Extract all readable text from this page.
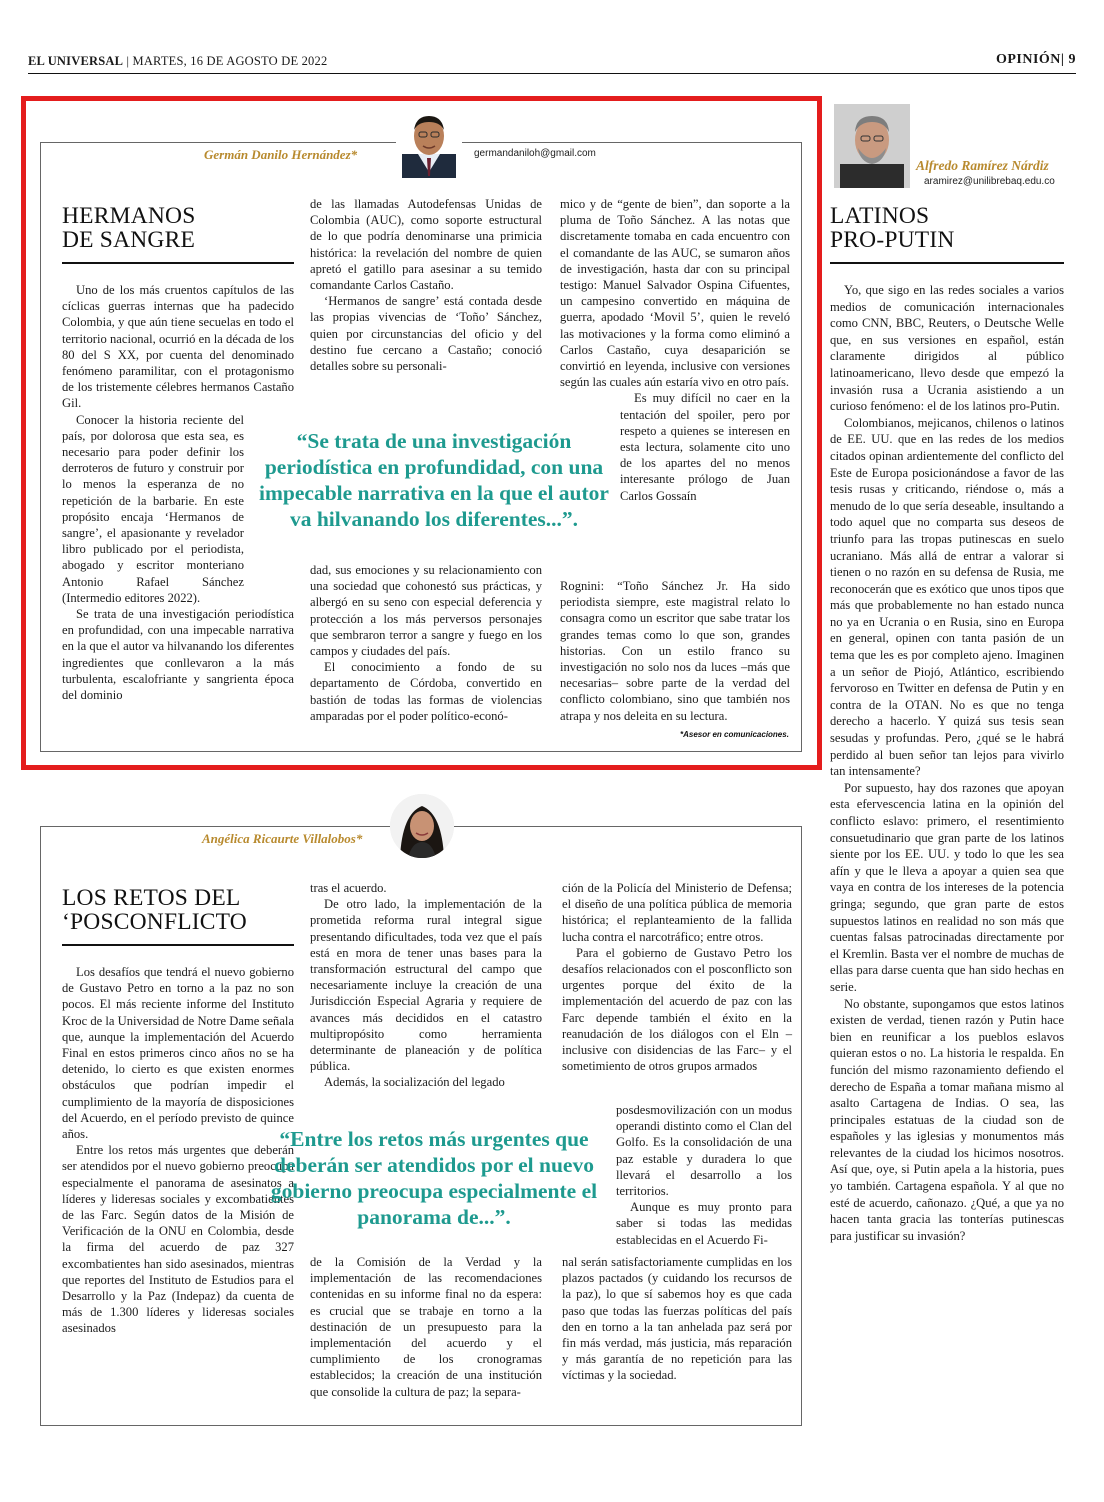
EL UNIVERSAL | MARTES, 16 DE AGOSTO DE 2022	OPINIÓN| 9
Germán Danilo Hernández*	germandaniloh@gmail.com
HERMANOS
DE SANGRE

Uno de los más cruentos capítulos de las cíclicas guerras internas que ha padecido Colombia, y que aún tiene secuelas en todo el territorio nacional, ocurrió en la década de los 80 del S XX, por cuenta del denominado fenómeno paramilitar, con el protagonismo de los tristemente célebres hermanos Castaño Gil.

Conocer la historia reciente del país, por dolorosa que esta sea, es necesario para poder definir los derroteros de futuro y construir por lo menos la esperanza de no repetición de la barbarie. En este propósito encaja ‘Hermanos de sangre’, el apasionante y revelador libro publicado por el periodista, abogado y escritor monteriano Antonio Rafael Sánchez (Intermedio editores 2022).

Se trata de una investigación periodística en profundidad, con una impecable narrativa en la que el autor va hilvanando los diferentes ingredientes que conllevaron a la más turbulenta, escalofriante y sangrienta época del dominio

de las llamadas Autodefensas Unidas de Colombia (AUC), como soporte estructural de lo que podría denominarse una primicia histórica: la revelación del nombre de quien apretó el gatillo para asesinar a su temido comandante Carlos Castaño.

‘Hermanos de sangre’ está contada desde las propias vivencias de ‘Toño’ Sánchez, quien por circunstancias del oficio y del destino fue cercano a Castaño; conoció detalles sobre su personali-

dad, sus emociones y su relacionamiento con una sociedad que cohonestó sus prácticas, y albergó en su seno con especial deferencia y protección a los más perversos personajes que sembraron terror a sangre y fuego en los campos y ciudades del país.

El conocimiento a fondo de su departamento de Córdoba, convertido en bastión de todas las formas de violencias amparadas por el poder político-econó-

mico y de “gente de bien”, dan soporte a la pluma de Toño Sánchez. A las notas que discretamente tomaba en cada encuentro con el comandante de las AUC, se sumaron años de investigación, hasta dar con su principal testigo: Manuel Salvador Ospina Cifuentes, un campesino convertido en máquina de guerra, apodado ‘Movil 5’, quien le reveló las motivaciones y la forma como eliminó a Carlos Castaño, cuya desaparición se convirtió en leyenda, inclusive con versiones según las cuales aún estaría vivo en otro país.

Es muy difícil no caer en la tentación del spoiler, pero por respeto a quienes se interesen en esta lectura, solamente cito uno de los apartes del no menos interesante prólogo de Juan Carlos Gossaín

Rognini: “Toño Sánchez Jr. Ha sido periodista siempre, este magistral relato lo consagra como un escritor que sabe tratar los grandes temas como lo que son, grandes historias. Con un estilo franco su investigación no solo nos da luces –más que necesarias– sobre parte de la verdad del conflicto colombiano, sino que también nos atrapa y nos deleita en su lectura.

“Se trata de una investigación periodística en profundidad, con una impecable narrativa en la que el autor va hilvanando los diferentes...”.
*Asesor en comunicaciones.
Angélica Ricaurte Villalobos*
LOS RETOS DEL
‘POSCONFLICTO

Los desafíos que tendrá el nuevo gobierno de Gustavo Petro en torno a la paz no son pocos. El más reciente informe del Instituto Kroc de la Universidad de Notre Dame señala que, aunque la implementación del Acuerdo Final en estos primeros cinco años no se ha detenido, lo cierto es que existen enormes obstáculos que podrían impedir el cumplimiento de la mayoría de disposiciones del Acuerdo, en el período previsto de quince años.

Entre los retos más urgentes que deberán ser atendidos por el nuevo gobierno preocupa especialmente el panorama de asesinatos a líderes y lideresas sociales y excombatientes de las Farc. Según datos de la Misión de Verificación de la ONU en Colombia, desde la firma del acuerdo de paz 327 excombatientes han sido asesinados, mientras que reportes del Instituto de Estudios para el Desarrollo y la Paz (Indepaz) da cuenta de más de 1.300 líderes y lideresas sociales asesinados

tras el acuerdo.

De otro lado, la implementación de la prometida reforma rural integral sigue presentando dificultades, toda vez que el país está en mora de tener unas bases para la transformación estructural del campo que necesariamente incluye la creación de una Jurisdicción Especial Agraria y requiere de avances más decididos en el catastro multipropósito como herramienta determinante de planeación y de política pública.

Además, la socialización del legado

de la Comisión de la Verdad y la implementación de las recomendaciones contenidas en su informe final no da espera: es crucial que se trabaje en torno a la destinación de un presupuesto para la implementación del acuerdo y el cumplimiento de los cronogramas establecidos; la creación de una institución que consolide la cultura de paz; la separa-

ción de la Policía del Ministerio de Defensa; el diseño de una política pública de memoria histórica; el replanteamiento de la fallida lucha contra el narcotráfico; entre otros.

Para el gobierno de Gustavo Petro los desafíos relacionados con el posconflicto son urgentes porque del éxito de la implementación del acuerdo de paz con las Farc depende también el éxito en la reanudación de los diálogos con el Eln –inclusive con disidencias de las Farc– y el sometimiento de otros grupos armados

posdesmovilización con un modus operandi distinto como el Clan del Golfo. Es la consolidación de una paz estable y duradera lo que llevará el desarrollo a los territorios.

Aunque es muy pronto para saber si todas las medidas establecidas en el Acuerdo Fi-

nal serán satisfactoriamente cumplidas en los plazos pactados (y cuidando los recursos de la paz), lo que sí sabemos hoy es que cada paso que todas las fuerzas políticas del país den en torno a la tan anhelada paz será por fin más verdad, más justicia, más reparación y más garantía de no repetición para las víctimas y la sociedad.

“Entre los retos más urgentes que deberán ser atendidos por el nuevo gobierno preocupa especialmente el panorama de...”.
Alfredo Ramírez Nárdiz
aramirez@unilibrebaq.edu.co
LATINOS
PRO-PUTIN

Yo, que sigo en las redes sociales a varios medios de comunicación internacionales como CNN, BBC, Reuters, o Deutsche Welle que, en sus versiones en español, están claramente dirigidos al público latinoamericano, llevo desde que empezó la invasión rusa a Ucrania asistiendo a un curioso fenómeno: el de los latinos pro-Putin.

Colombianos, mejicanos, chilenos o latinos de EE. UU. que en las redes de los medios citados opinan ardientemente del conflicto del Este de Europa posicionándose a favor de las tesis rusas y criticando, riéndose o, más a menudo de lo que sería deseable, insultando a todo aquel que no comparta sus deseos de triunfo para las tropas putinescas en suelo ucraniano. Más allá de entrar a valorar si tienen o no razón en su defensa de Rusia, me reconocerán que es exótico que unos tipos que más que probablemente no han estado nunca no ya en Ucrania o en Rusia, sino en Europa en general, opinen con tanta pasión de un tema que les es por completo ajeno. Imaginen a un señor de Piojó, Atlántico, escribiendo fervoroso en Twitter en defensa de Putin y en contra de la OTAN. No es que no tenga derecho a hacerlo. Y quizá sus tesis sean sesudas y profundas. Pero, ¿qué se le habrá perdido al buen señor tan lejos para vivirlo tan intensamente?

Por supuesto, hay dos razones que apoyan esta efervescencia latina en la opinión del conflicto eslavo: primero, el resentimiento consuetudinario que gran parte de los latinos siente por los EE. UU. y todo lo que les sea afín y que le lleva a apoyar a quien sea que vaya en contra de los intereses de la potencia gringa; segundo, que gran parte de estos supuestos latinos en realidad no son más que cuentas falsas patrocinadas directamente por el Kremlin. Basta ver el nombre de muchas de ellas para darse cuenta que han sido hechas en serie.

No obstante, supongamos que estos latinos existen de verdad, tienen razón y Putin hace bien en reunificar a los pueblos eslavos quieran estos o no. La historia le respalda. En función del mismo razonamiento defiendo el derecho de España a tomar mañana mismo al asalto Cartagena de Indias. O sea, las principales estatuas de la ciudad son de españoles y las iglesias y monumentos más relevantes de la ciudad los hicimos nosotros. Así que, oye, si Putin apela a la historia, pues yo también. Cartagena española. Y al que no esté de acuerdo, cañonazo. ¿Qué, a que ya no hacen tanta gracia las tonterías putinescas para justificar su invasión?
